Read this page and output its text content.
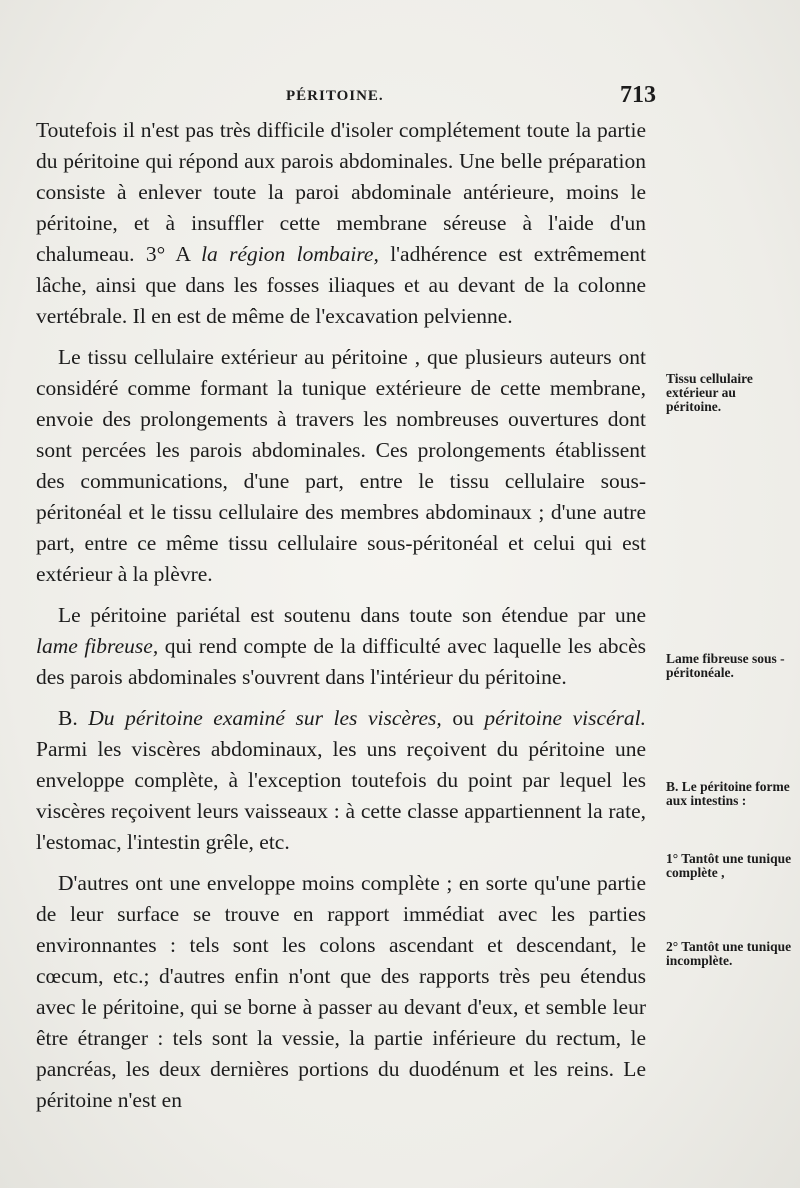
PÉRITOINE.	713

Toutefois il n'est pas très difficile d'isoler complétement toute la partie du péritoine qui répond aux parois abdominales. Une belle préparation consiste à enlever toute la paroi abdominale antérieure, moins le péritoine, et à insuffler cette membrane séreuse à l'aide d'un chalumeau. 3° A la région lombaire, l'adhérence est extrêmement lâche, ainsi que dans les fosses iliaques et au devant de la colonne vertébrale. Il en est de même de l'excavation pelvienne.

Le tissu cellulaire extérieur au péritoine , que plusieurs auteurs ont considéré comme formant la tunique extérieure de cette membrane, envoie des prolongements à travers les nombreuses ouvertures dont sont percées les parois abdominales. Ces prolongements établissent des communications, d'une part, entre le tissu cellulaire sous-péritonéal et le tissu cellulaire des membres abdominaux ; d'une autre part, entre ce même tissu cellulaire sous-péritonéal et celui qui est extérieur à la plèvre.

Le péritoine pariétal est soutenu dans toute son étendue par une lame fibreuse, qui rend compte de la difficulté avec laquelle les abcès des parois abdominales s'ouvrent dans l'intérieur du péritoine.

B. Du péritoine examiné sur les viscères, ou péritoine viscéral. Parmi les viscères abdominaux, les uns reçoivent du péritoine une enveloppe complète, à l'exception toutefois du point par lequel les viscères reçoivent leurs vaisseaux : à cette classe appartiennent la rate, l'estomac, l'intestin grêle, etc.

D'autres ont une enveloppe moins complète ; en sorte qu'une partie de leur surface se trouve en rapport immédiat avec les parties environnantes : tels sont les colons ascendant et descendant, le cœcum, etc.; d'autres enfin n'ont que des rapports très peu étendus avec le péritoine, qui se borne à passer au devant d'eux, et semble leur être étranger : tels sont la vessie, la partie inférieure du rectum, le pancréas, les deux dernières portions du duodénum et les reins. Le péritoine n'est en

Tissu cellulaire extérieur au péritoine.
Lame fibreuse sous - péritonéale.
B. Le péritoine forme aux intestins :
1° Tantôt une tunique complète ,
2° Tantôt une tunique incomplète.
